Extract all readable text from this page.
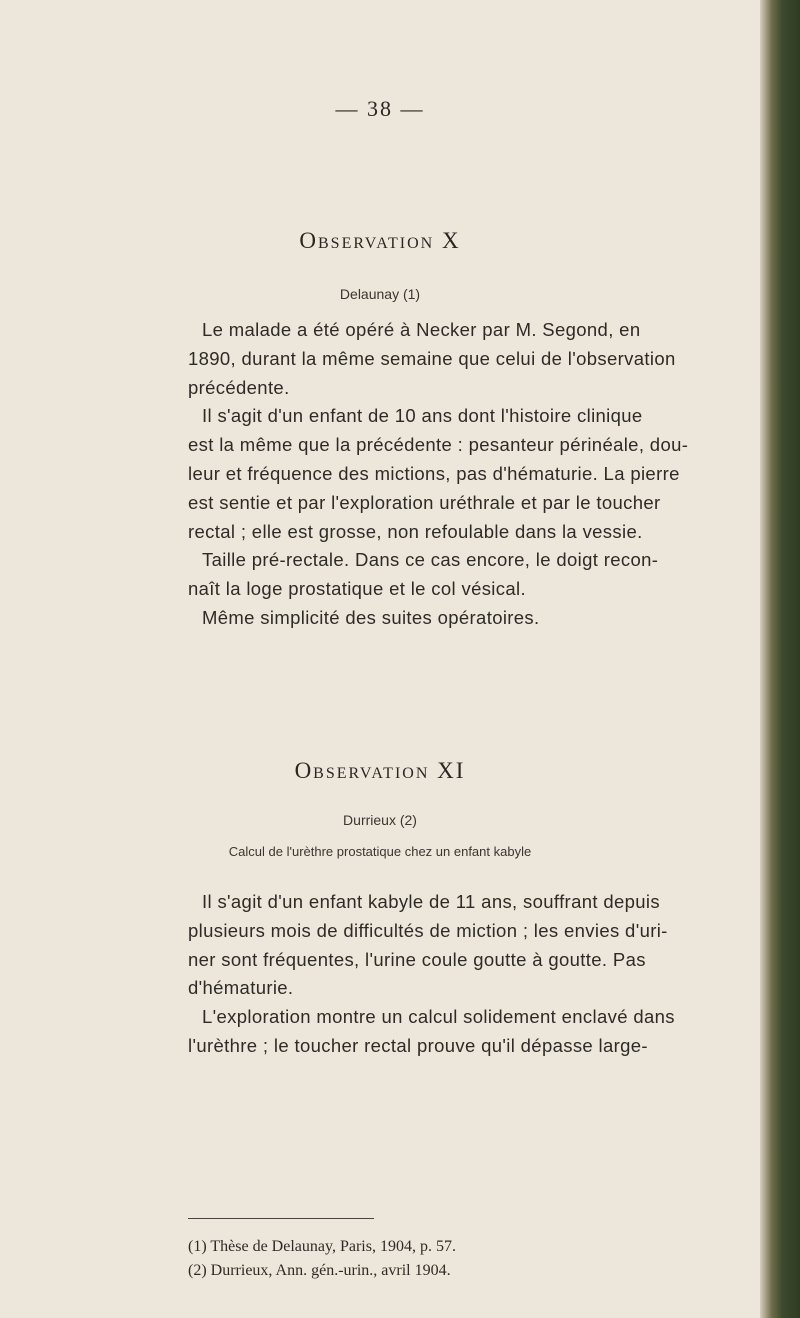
— 38 —
Observation X
Delaunay (1)
Le malade a été opéré à Necker par M. Segond, en
1890, durant la même semaine que celui de l'observation
précédente.
Il s'agit d'un enfant de 10 ans dont l'histoire clinique
est la même que la précédente : pesanteur périnéale, dou-
leur et fréquence des mictions, pas d'hématurie. La pierre
est sentie et par l'exploration uréthrale et par le toucher
rectal ; elle est grosse, non refoulable dans la vessie.
Taille pré-rectale. Dans ce cas encore, le doigt recon-
naît la loge prostatique et le col vésical.
Même simplicité des suites opératoires.
Observation XI
Durrieux (2)
Calcul de l'urèthre prostatique chez un enfant kabyle
Il s'agit d'un enfant kabyle de 11 ans, souffrant depuis
plusieurs mois de difficultés de miction ; les envies d'uri-
ner sont fréquentes, l'urine coule goutte à goutte. Pas
d'hématurie.
L'exploration montre un calcul solidement enclavé dans
l'urèthre ; le toucher rectal prouve qu'il dépasse large-
(1) Thèse de Delaunay, Paris, 1904, p. 57.
(2) Durrieux, Ann. gén.-urin., avril 1904.
